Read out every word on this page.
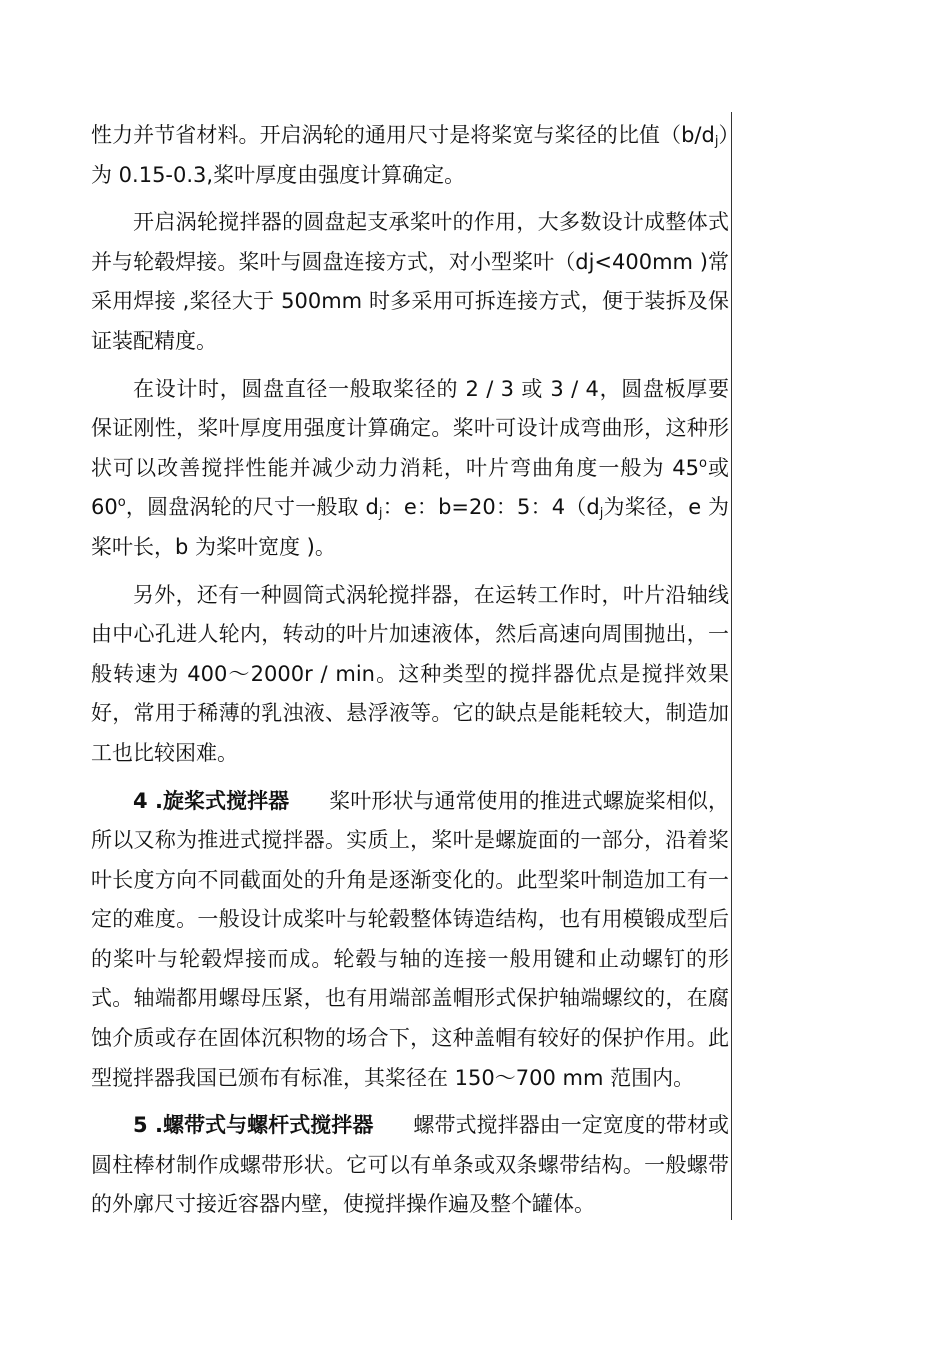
性力并节省材料。开启涡轮的通用尺寸是将桨宽与桨径的比值$(b/d_j)$为 0.15-0.3,桨叶厚度由强度计算确定。

开启涡轮搅拌器的圆盘起支承桨叶的作用，大多数设计成整体式并与轮毂焊接。桨叶与圆盘连接方式，对小型桨叶（dj<400mm )常采用焊接 ,桨径大于 500mm 时多采用可拆连接方式，便于装拆及保证装配精度。

在设计时，圆盘直径一般取桨径的 2 / 3 或 3 / 4，圆盘板厚要保证刚性，桨叶厚度用强度计算确定。桨叶可设计成弯曲形，这种形状可以改善搅拌性能并减少动力消耗，叶片弯曲角度一般为 45$^o$或 60$^o$，圆盘涡轮的尺寸一般取 $d_j$：e：b=20：5：$4(d_j$为桨径，e 为桨叶长，b 为桨叶宽度 )。

另外，还有一种圆筒式涡轮搅拌器，在运转工作时，叶片沿轴线由中心孔进人轮内，转动的叶片加速液体，然后高速向周围抛出，一般转速为 400～2000r / min。这种类型的搅拌器优点是搅拌效果好，常用于稀薄的乳浊液、悬浮液等。它的缺点是能耗较大，制造加工也比较困难。

4 .旋桨式搅拌器 桨叶形状与通常使用的推进式螺旋桨相似，所以又称为推进式搅拌器。实质上，桨叶是螺旋面的一部分，沿着桨叶长度方向不同截面处的升角是逐渐变化的。此型桨叶制造加工有一定的难度。一般设计成桨叶与轮毂整体铸造结构，也有用模锻成型后的桨叶与轮毂焊接而成。轮毂与轴的连接一般用键和止动螺钉的形式。轴端都用螺母压紧，也有用端部盖帽形式保护轴端螺纹的，在腐蚀介质或存在固体沉积物的场合下，这种盖帽有较好的保护作用。此型搅拌器我国已颁布有标准，其桨径在 150～700 mm 范围内。

5 .螺带式与螺杆式搅拌器 螺带式搅拌器由一定宽度的带材或圆柱棒材制作成螺带形状。它可以有单条或双条螺带结构。一般螺带的外廓尺寸接近容器内壁，使搅拌操作遍及整个罐体。
